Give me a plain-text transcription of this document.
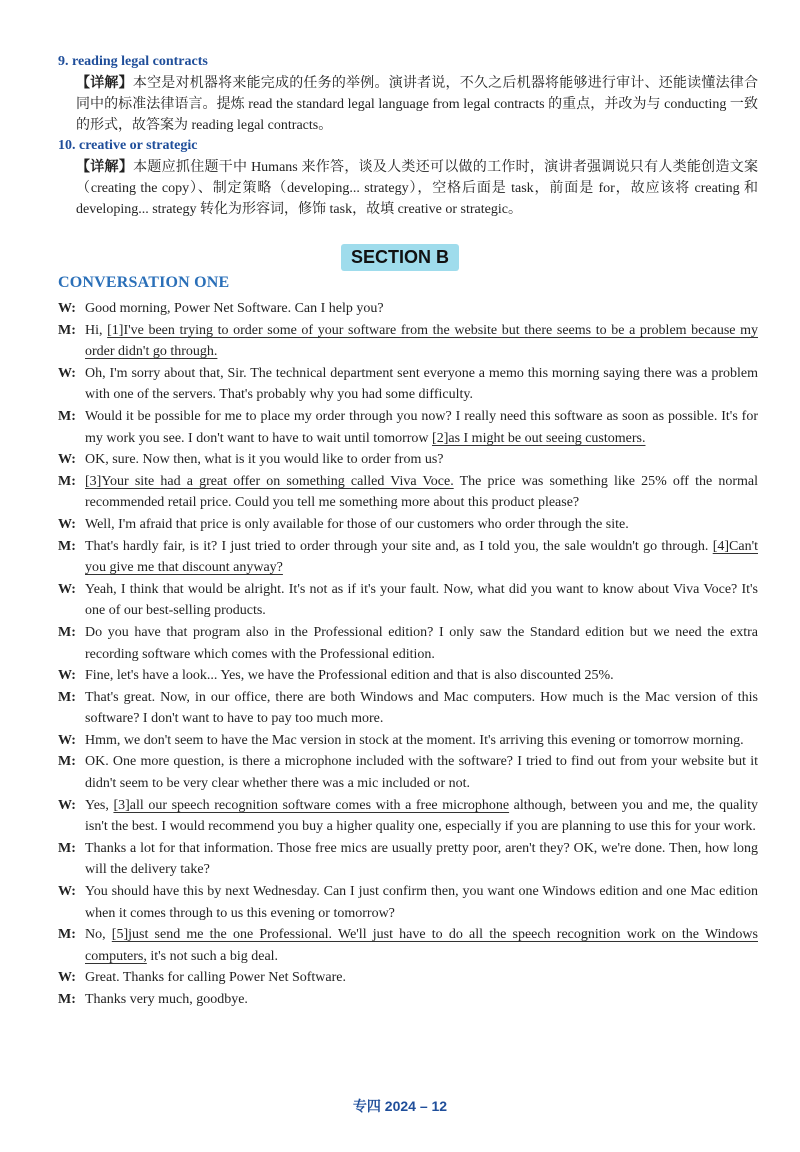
9. reading legal contracts
【详解】本空是对机器将来能完成的任务的举例。演讲者说，不久之后机器将能够进行审计、还能读懂法律合同中的标准法律语言。提炼 read the standard legal language from legal contracts 的重点，并改为与 conducting 一致的形式，故答案为 reading legal contracts。
10. creative or strategic
【详解】本题应抓住题干中 Humans 来作答，谈及人类还可以做的工作时，演讲者强调说只有人类能创造文案（creating the copy）、制定策略（developing... strategy），空格后面是 task，前面是 for，故应该将 creating 和 developing... strategy 转化为形容词，修饰 task，故填 creative or strategic。
SECTION B
CONVERSATION ONE
W: Good morning, Power Net Software. Can I help you?
M: Hi, [1]I've been trying to order some of your software from the website but there seems to be a problem because my order didn't go through.
W: Oh, I'm sorry about that, Sir. The technical department sent everyone a memo this morning saying there was a problem with one of the servers. That's probably why you had some difficulty.
M: Would it be possible for me to place my order through you now? I really need this software as soon as possible. It's for my work you see. I don't want to have to wait until tomorrow [2]as I might be out seeing customers.
W: OK, sure. Now then, what is it you would like to order from us?
M: [3]Your site had a great offer on something called Viva Voce. The price was something like 25% off the normal recommended retail price. Could you tell me something more about this product please?
W: Well, I'm afraid that price is only available for those of our customers who order through the site.
M: That's hardly fair, is it? I just tried to order through your site and, as I told you, the sale wouldn't go through. [4]Can't you give me that discount anyway?
W: Yeah, I think that would be alright. It's not as if it's your fault. Now, what did you want to know about Viva Voce? It's one of our best-selling products.
M: Do you have that program also in the Professional edition? I only saw the Standard edition but we need the extra recording software which comes with the Professional edition.
W: Fine, let's have a look... Yes, we have the Professional edition and that is also discounted 25%.
M: That's great. Now, in our office, there are both Windows and Mac computers. How much is the Mac version of this software? I don't want to have to pay too much more.
W: Hmm, we don't seem to have the Mac version in stock at the moment. It's arriving this evening or tomorrow morning.
M: OK. One more question, is there a microphone included with the software? I tried to find out from your website but it didn't seem to be very clear whether there was a mic included or not.
W: Yes, [3]all our speech recognition software comes with a free microphone although, between you and me, the quality isn't the best. I would recommend you buy a higher quality one, especially if you are planning to use this for your work.
M: Thanks a lot for that information. Those free mics are usually pretty poor, aren't they? OK, we're done. Then, how long will the delivery take?
W: You should have this by next Wednesday. Can I just confirm then, you want one Windows edition and one Mac edition when it comes through to us this evening or tomorrow?
M: No, [5]just send me the one Professional. We'll just have to do all the speech recognition work on the Windows computers, it's not such a big deal.
W: Great. Thanks for calling Power Net Software.
M: Thanks very much, goodbye.
专四 2024 – 12
